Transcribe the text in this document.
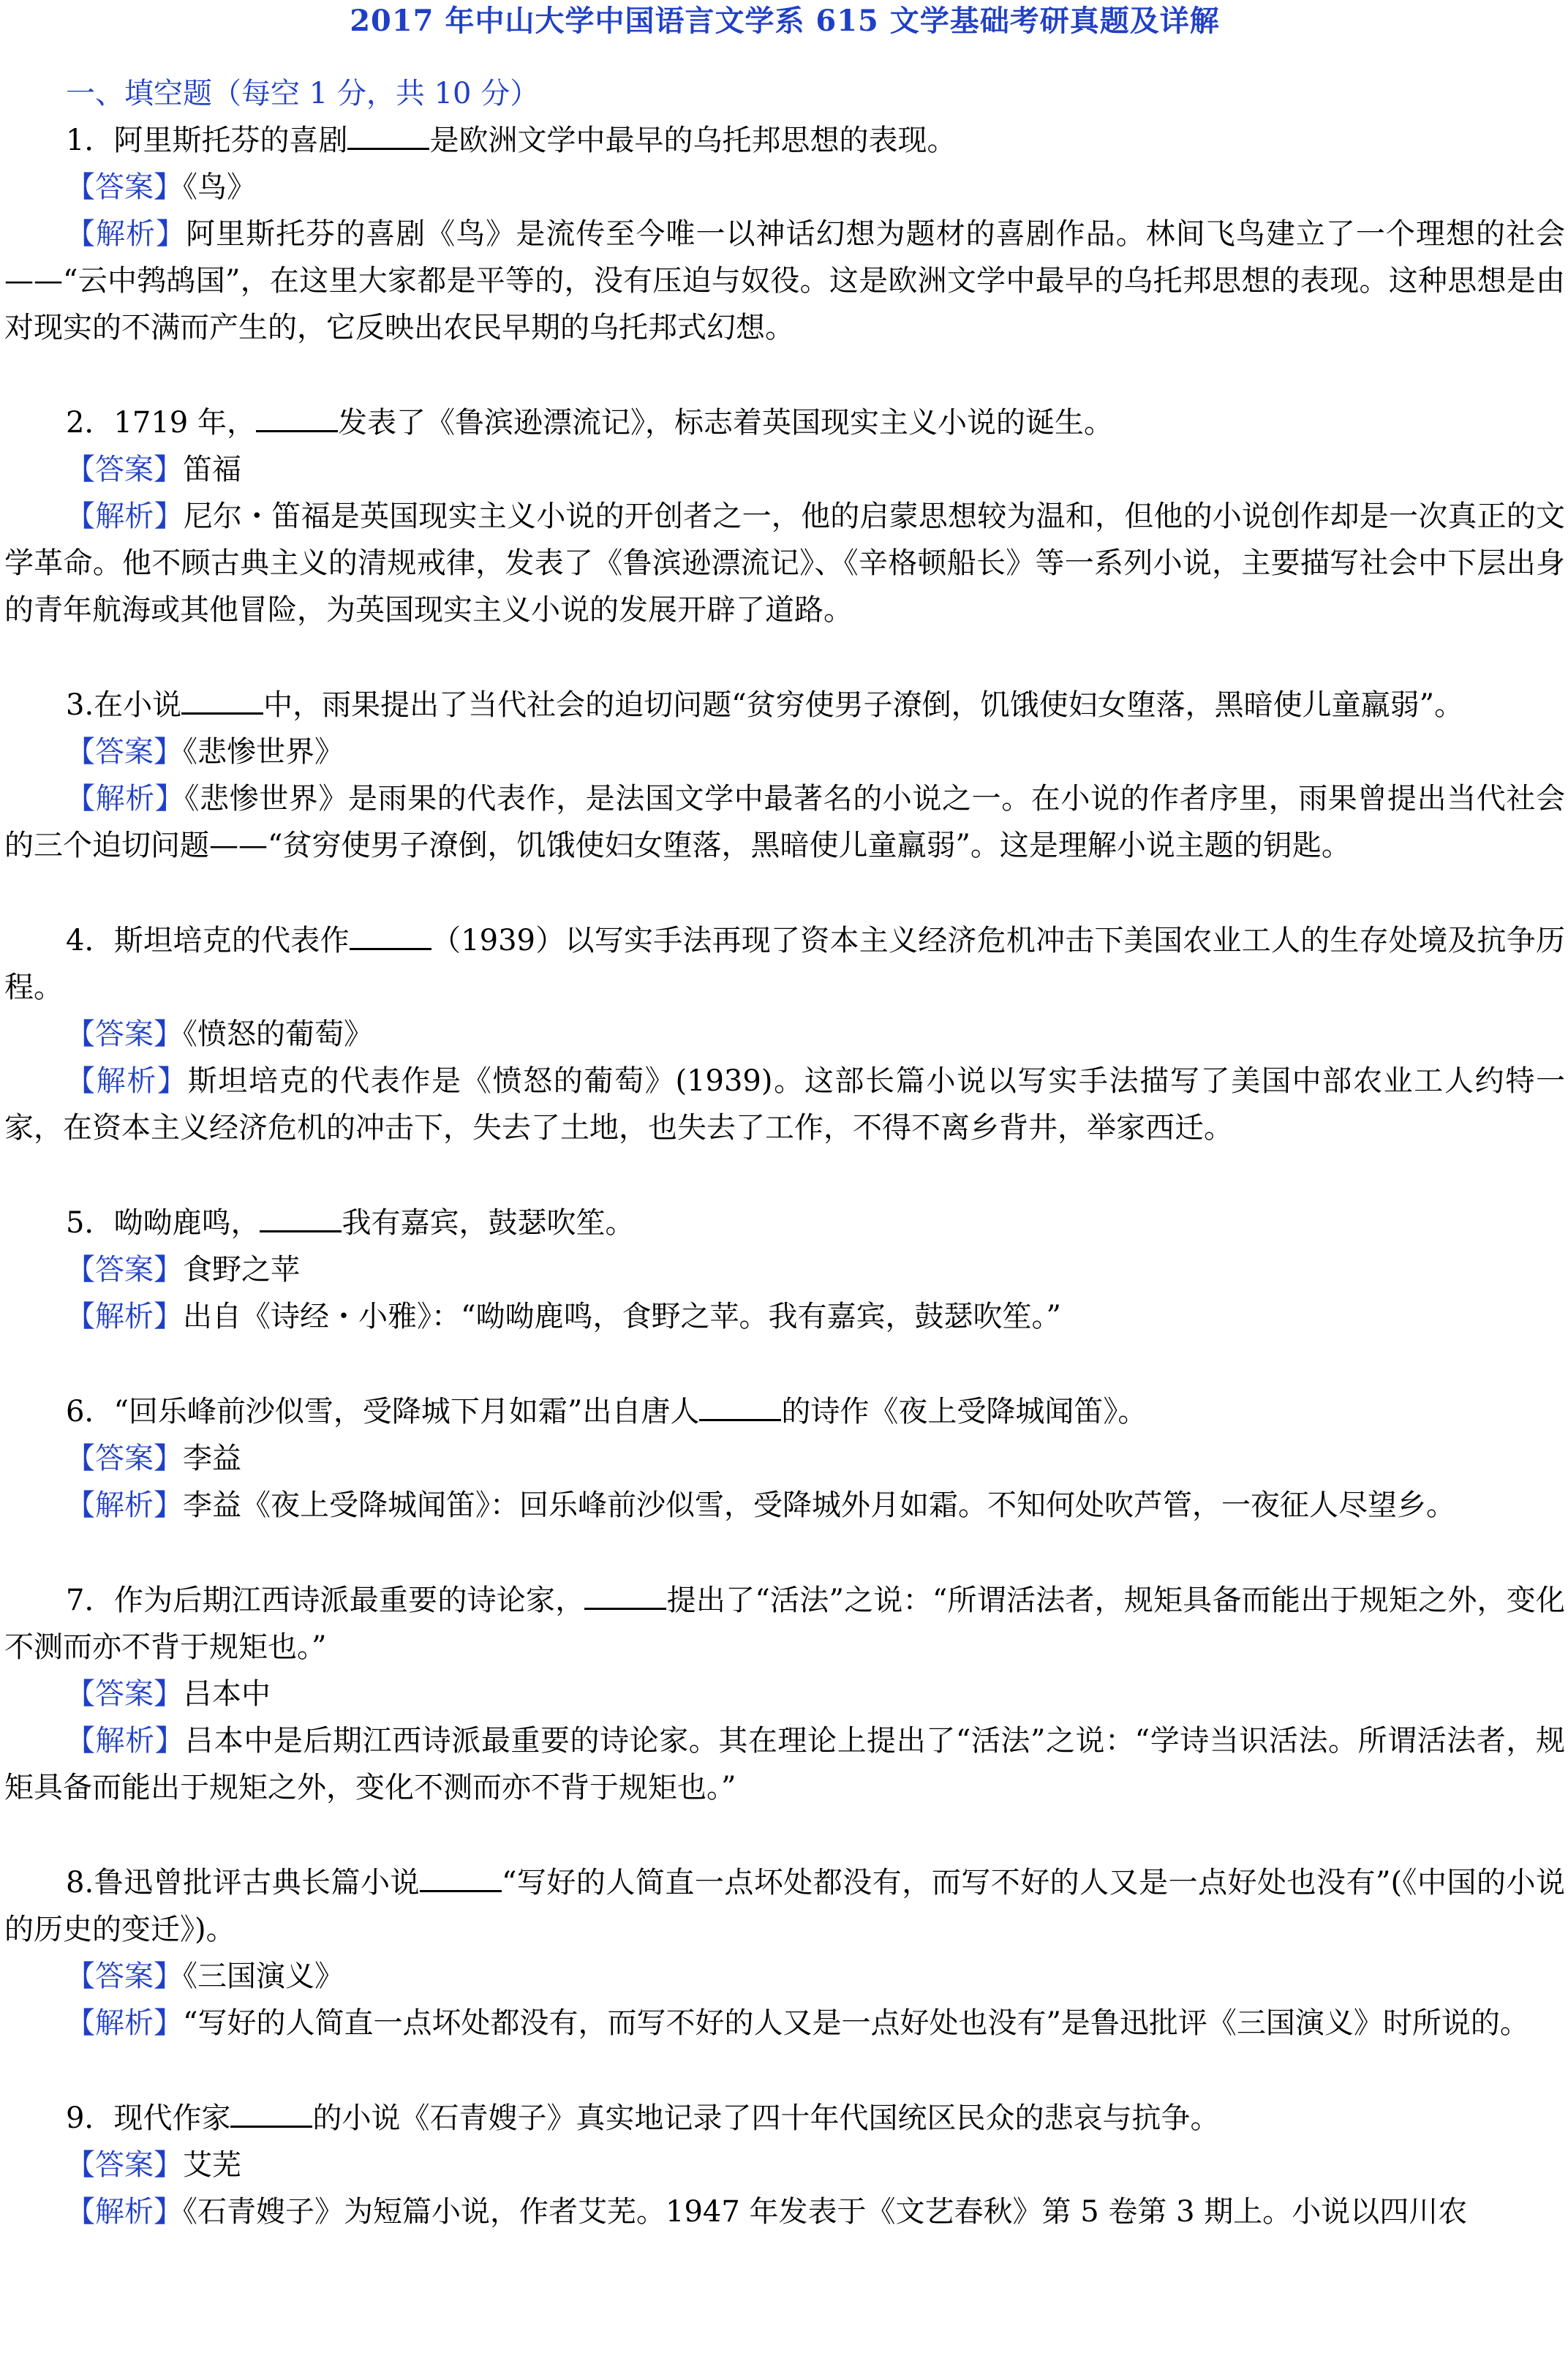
2017 年中山大学中国语言文学系 615 文学基础考研真题及详解
一、填空题（每空 1 分，共 10 分）

1．阿里斯托芬的喜剧	是欧洲文学中最早的乌托邦思想的表现。

【答案】《鸟》

【解析】阿里斯托芬的喜剧《鸟》是流传至今唯一以神话幻想为题材的喜剧作品。林间飞鸟建立了一个理想的社会——“云中鹁鸪国”，在这里大家都是平等的，没有压迫与奴役。这是欧洲文学中最早的乌托邦思想的表现。这种思想是由对现实的不满而产生的，它反映出农民早期的乌托邦式幻想。

2．1719 年，	发表了《鲁滨逊漂流记》，标志着英国现实主义小说的诞生。

【答案】笛福

【解析】尼尔・笛福是英国现实主义小说的开创者之一，他的启蒙思想较为温和，但他的小说创作却是一次真正的文学革命。他不顾古典主义的清规戒律，发表了《鲁滨逊漂流记》、《辛格顿船长》等一系列小说，主要描写社会中下层出身的青年航海或其他冒险，为英国现实主义小说的发展开辟了道路。

3.在小说	中，雨果提出了当代社会的迫切问题“贫穷使男子潦倒，饥饿使妇女堕落，黑暗使儿童羸弱”。

【答案】《悲惨世界》

【解析】《悲惨世界》是雨果的代表作，是法国文学中最著名的小说之一。在小说的作者序里，雨果曾提出当代社会的三个迫切问题——“贫穷使男子潦倒，饥饿使妇女堕落，黑暗使儿童羸弱”。这是理解小说主题的钥匙。

4．斯坦培克的代表作	（1939）以写实手法再现了资本主义经济危机冲击下美国农业工人的生存处境及抗争历程。

【答案】《愤怒的葡萄》

【解析】斯坦培克的代表作是《愤怒的葡萄》(1939)。这部长篇小说以写实手法描写了美国中部农业工人约特一家，在资本主义经济危机的冲击下，失去了土地，也失去了工作，不得不离乡背井，举家西迁。

5．呦呦鹿鸣，	我有嘉宾，鼓瑟吹笙。

【答案】食野之苹

【解析】出自《诗经・小雅》：“呦呦鹿鸣，食野之苹。我有嘉宾，鼓瑟吹笙。”

6．“回乐峰前沙似雪，受降城下月如霜”出自唐人	的诗作《夜上受降城闻笛》。

【答案】李益

【解析】李益《夜上受降城闻笛》：回乐峰前沙似雪，受降城外月如霜。不知何处吹芦管，一夜征人尽望乡。

7．作为后期江西诗派最重要的诗论家，	提出了“活法”之说：“所谓活法者，规矩具备而能出于规矩之外，变化不测而亦不背于规矩也。”

【答案】吕本中

【解析】吕本中是后期江西诗派最重要的诗论家。其在理论上提出了“活法”之说：“学诗当识活法。所谓活法者，规矩具备而能出于规矩之外，变化不测而亦不背于规矩也。”

8.鲁迅曾批评古典长篇小说	“写好的人简直一点坏处都没有，而写不好的人又是一点好处也没有”(《中国的小说的历史的变迁》)。

【答案】《三国演义》

【解析】“写好的人简直一点坏处都没有，而写不好的人又是一点好处也没有”是鲁迅批评《三国演义》时所说的。

9．现代作家	的小说《石青嫂子》真实地记录了四十年代国统区民众的悲哀与抗争。

【答案】艾芜

【解析】《石青嫂子》为短篇小说，作者艾芜。1947 年发表于《文艺春秋》第 5 卷第 3 期上。小说以四川农
